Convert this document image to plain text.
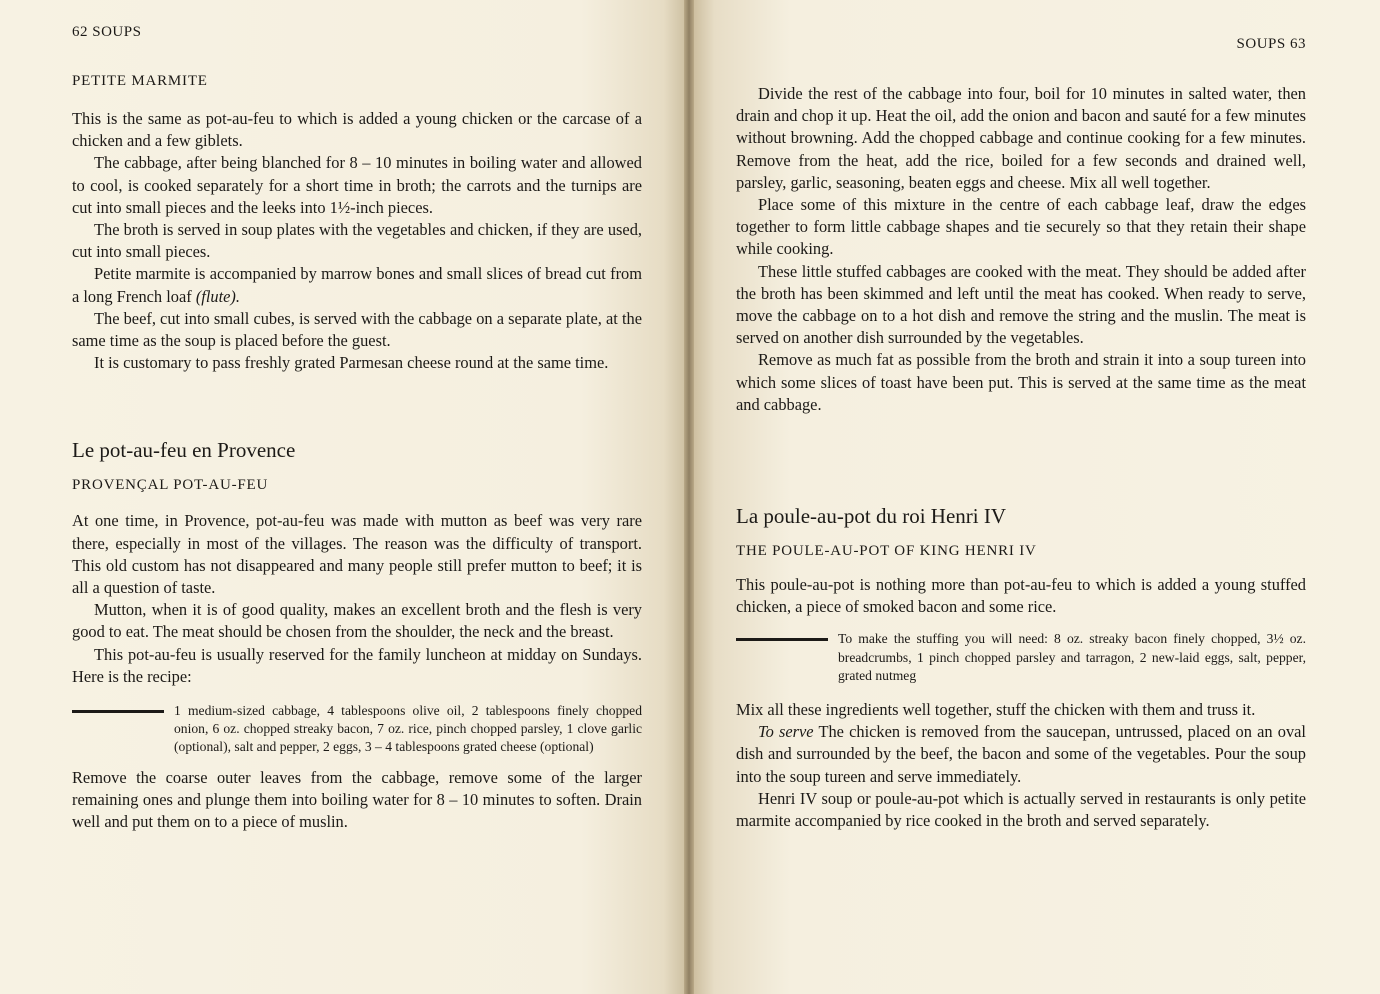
62 SOUPS
PETITE MARMITE

This is the same as pot-au-feu to which is added a young chicken or the carcase of a chicken and a few giblets.

The cabbage, after being blanched for 8 – 10 minutes in boiling water and allowed to cool, is cooked separately for a short time in broth; the carrots and the turnips are cut into small pieces and the leeks into 1½-inch pieces.

The broth is served in soup plates with the vegetables and chicken, if they are used, cut into small pieces.

Petite marmite is accompanied by marrow bones and small slices of bread cut from a long French loaf (flute).

The beef, cut into small cubes, is served with the cabbage on a separate plate, at the same time as the soup is placed before the guest.

It is customary to pass freshly grated Parmesan cheese round at the same time.

Le pot-au-feu en Provence
PROVENÇAL POT-AU-FEU

At one time, in Provence, pot-au-feu was made with mutton as beef was very rare there, especially in most of the villages. The reason was the difficulty of transport. This old custom has not disappeared and many people still prefer mutton to beef; it is all a question of taste.

Mutton, when it is of good quality, makes an excellent broth and the flesh is very good to eat. The meat should be chosen from the shoulder, the neck and the breast.

This pot-au-feu is usually reserved for the family luncheon at midday on Sundays. Here is the recipe:

1 medium-sized cabbage, 4 tablespoons olive oil, 2 tablespoons finely chopped onion, 6 oz. chopped streaky bacon, 7 oz. rice, pinch chopped parsley, 1 clove garlic (optional), salt and pepper, 2 eggs, 3 – 4 tablespoons grated cheese (optional)

Remove the coarse outer leaves from the cabbage, remove some of the larger remaining ones and plunge them into boiling water for 8 – 10 minutes to soften. Drain well and put them on to a piece of muslin.

SOUPS 63

Divide the rest of the cabbage into four, boil for 10 minutes in salted water, then drain and chop it up. Heat the oil, add the onion and bacon and sauté for a few minutes without browning. Add the chopped cabbage and continue cooking for a few minutes. Remove from the heat, add the rice, boiled for a few seconds and drained well, parsley, garlic, seasoning, beaten eggs and cheese. Mix all well together.

Place some of this mixture in the centre of each cabbage leaf, draw the edges together to form little cabbage shapes and tie securely so that they retain their shape while cooking.

These little stuffed cabbages are cooked with the meat. They should be added after the broth has been skimmed and left until the meat has cooked. When ready to serve, move the cabbage on to a hot dish and remove the string and the muslin. The meat is served on another dish surrounded by the vegetables.

Remove as much fat as possible from the broth and strain it into a soup tureen into which some slices of toast have been put. This is served at the same time as the meat and cabbage.

La poule-au-pot du roi Henri IV
THE POULE-AU-POT OF KING HENRI IV

This poule-au-pot is nothing more than pot-au-feu to which is added a young stuffed chicken, a piece of smoked bacon and some rice.

To make the stuffing you will need: 8 oz. streaky bacon finely chopped, 3½ oz. breadcrumbs, 1 pinch chopped parsley and tarragon, 2 new-laid eggs, salt, pepper, grated nutmeg

Mix all these ingredients well together, stuff the chicken with them and truss it.

To serve The chicken is removed from the saucepan, untrussed, placed on an oval dish and surrounded by the beef, the bacon and some of the vegetables. Pour the soup into the soup tureen and serve immediately.

Henri IV soup or poule-au-pot which is actually served in restaurants is only petite marmite accompanied by rice cooked in the broth and served separately.
